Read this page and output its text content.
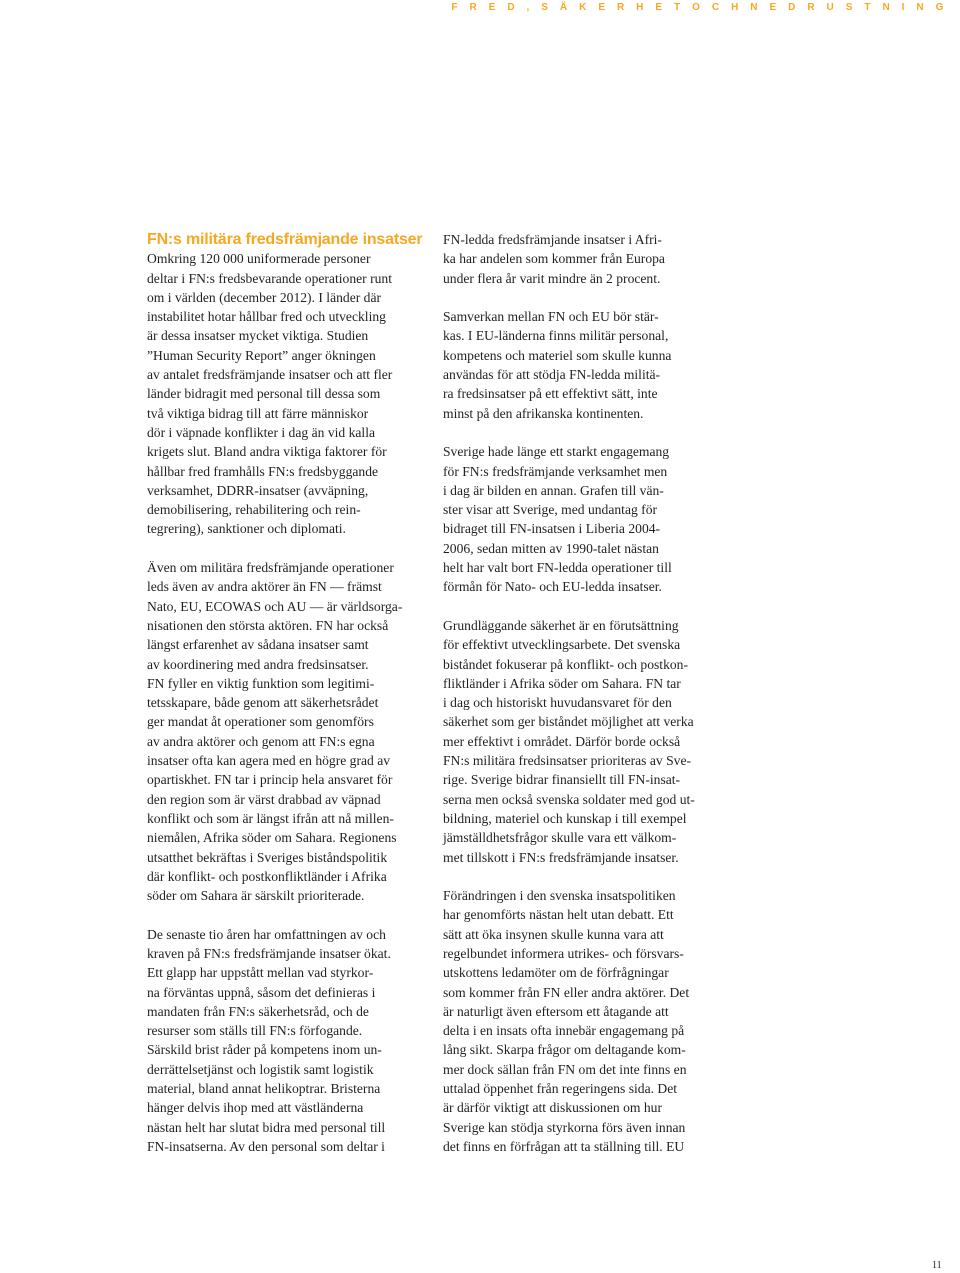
F R E D , S Ä K E R H E T O C H N E D R U S T N I N G
FN:s militära fredsfrämjande insatser
Omkring 120 000 uniformerade personer
deltar i FN:s fredsbevarande operationer runt
om i världen (december 2012). I länder där
instabilitet hotar hållbar fred och utveckling
är dessa insatser mycket viktiga. Studien
”Human Security Report” anger ökningen
av antalet fredsfrämjande insatser och att fler
länder bidragit med personal till dessa som
två viktiga bidrag till att färre människor
dör i väpnade konflikter i dag än vid kalla
krigets slut. Bland andra viktiga faktorer för
hållbar fred framhålls FN:s fredsbyggande
verksamhet, DDRR-insatser (avväpning,
demobilisering, rehabilitering och rein-
tegrering), sanktioner och diplomati.
Även om militära fredsfrämjande operationer
leds även av andra aktörer än FN — främst
Nato, EU, ECOWAS och AU — är världsorga-
nisationen den största aktören. FN har också
längst erfarenhet av sådana insatser samt
av koordinering med andra fredsinsatser.
FN fyller en viktig funktion som legitimi-
tetsskapare, både genom att säkerhetsrådet
ger mandat åt operationer som genomförs
av andra aktörer och genom att FN:s egna
insatser ofta kan agera med en högre grad av
opartiskhet. FN tar i princip hela ansvaret för
den region som är värst drabbad av väpnad
konflikt och som är längst ifrån att nå millen-
niemålen, Afrika söder om Sahara. Regionens
utsatthet bekräftas i Sveriges biståndspolitik
där konflikt- och postkonfliktländer i Afrika
söder om Sahara är särskilt prioriterade.
De senaste tio åren har omfattningen av och
kraven på FN:s fredsfrämjande insatser ökat.
Ett glapp har uppstått mellan vad styrkor-
na förväntas uppnå, såsom det definieras i
mandaten från FN:s säkerhetsråd, och de
resurser som ställs till FN:s förfogande.
Särskild brist råder på kompetens inom un-
derrättelsetjänst och logistik samt logistik
material, bland annat helikoptrar. Bristerna
hänger delvis ihop med att västländerna
nästan helt har slutat bidra med personal till
FN-insatserna. Av den personal som deltar i
FN-ledda fredsfrämjande insatser i Afri-
ka har andelen som kommer från Europa
under flera år varit mindre än 2 procent.
Samverkan mellan FN och EU bör stär-
kas. I EU-länderna finns militär personal,
kompetens och materiel som skulle kunna
användas för att stödja FN-ledda militä-
ra fredsinsatser på ett effektivt sätt, inte
minst på den afrikanska kontinenten.
Sverige hade länge ett starkt engagemang
för FN:s fredsfrämjande verksamhet men
i dag är bilden en annan. Grafen till vän-
ster visar att Sverige, med undantag för
bidraget till FN-insatsen i Liberia 2004-
2006, sedan mitten av 1990-talet nästan
helt har valt bort FN-ledda operationer till
förmån för Nato- och EU-ledda insatser.
Grundläggande säkerhet är en förutsättning
för effektivt utvecklingsarbete. Det svenska
biståndet fokuserar på konflikt- och postkon-
fliktländer i Afrika söder om Sahara. FN tar
i dag och historiskt huvudansvaret för den
säkerhet som ger biståndet möjlighet att verka
mer effektivt i området. Därför borde också
FN:s militära fredsinsatser prioriteras av Sve-
rige. Sverige bidrar finansiellt till FN-insat-
serna men också svenska soldater med god ut-
bildning, materiel och kunskap i till exempel
jämställdhetsfrågor skulle vara ett välkom-
met tillskott i FN:s fredsfrämjande insatser.
Förändringen i den svenska insatspolitiken
har genomförts nästan helt utan debatt. Ett
sätt att öka insynen skulle kunna vara att
regelbundet informera utrikes- och försvars-
utskottens ledamöter om de förfrågningar
som kommer från FN eller andra aktörer. Det
är naturligt även eftersom ett åtagande att
delta i en insats ofta innebär engagemang på
lång sikt. Skarpa frågor om deltagande kom-
mer dock sällan från FN om det inte finns en
uttalad öppenhet från regeringens sida. Det
är därför viktigt att diskussionen om hur
Sverige kan stödja styrkorna förs även innan
det finns en förfrågan att ta ställning till. EU
11
